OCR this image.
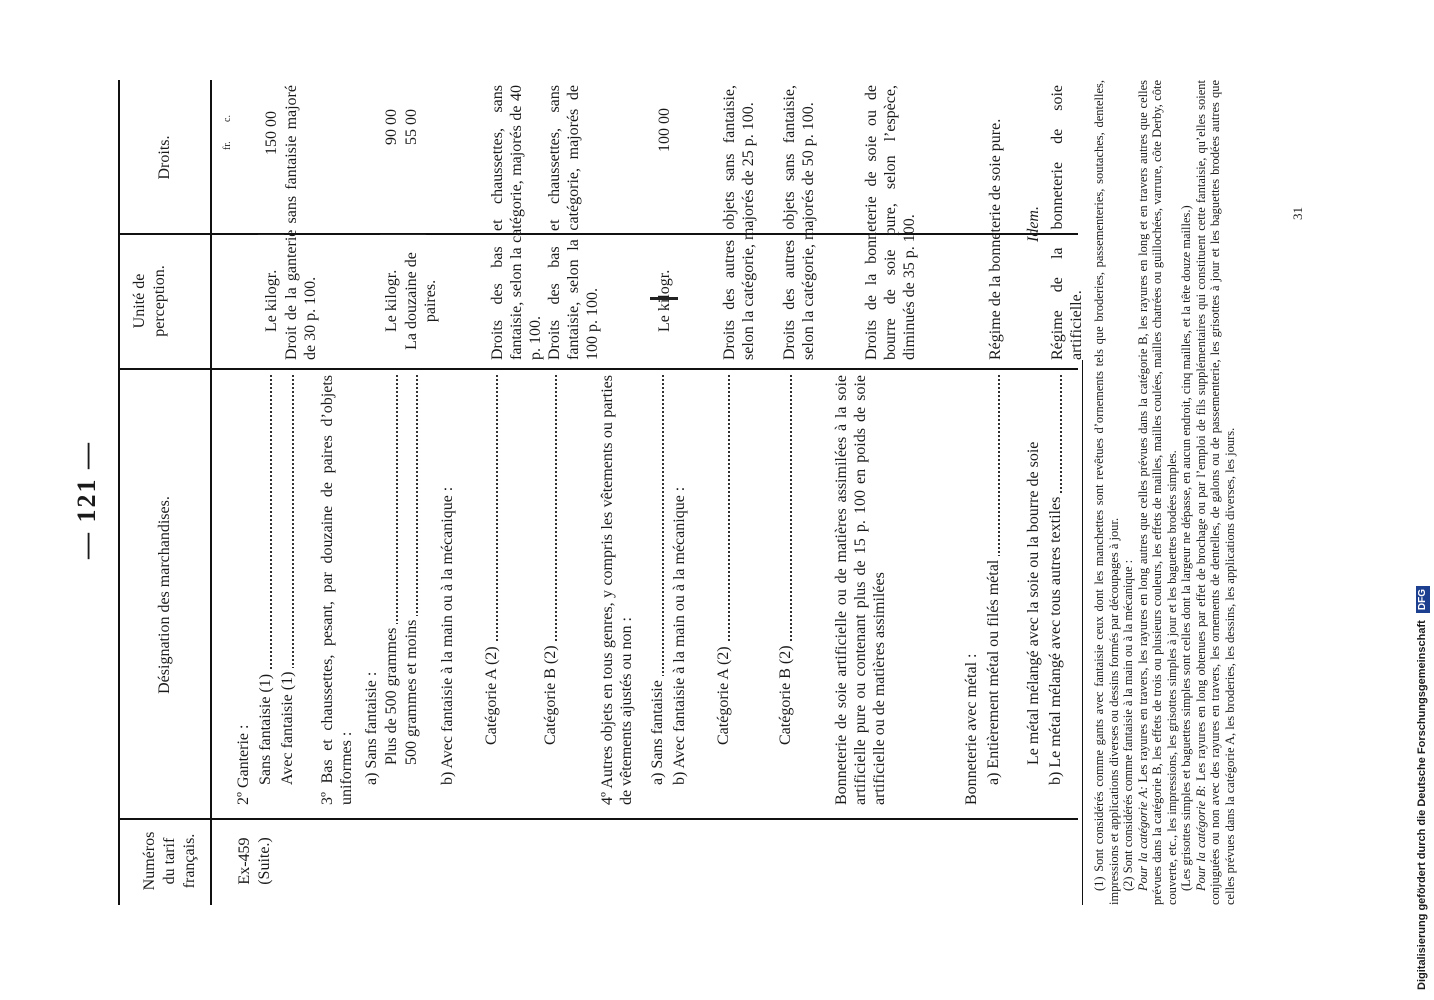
— 121 —
Numéros du tarif français.
Désignation des marchandises.
Unité de perception.
Droits.
Ex-459 (Suite.)
fr.
c.
2º Ganterie : Sans fantaisie (1) Avec fantaisie (1)
Le kilogr.
150 00 Droit de la ganterie sans fantaisie majoré de 30 p. 100.
3º Bas et chaussettes, pesant, par douzaine de paires d’objets uniformes : a) Sans fantaisie : Plus de 500 grammes 500 grammes et moins
Le kilogr. La douzaine de paires.
90 00 55 00
b) Avec fantaisie à la main ou à la mécanique : Catégorie A (2)
Droits des bas et chaussettes, sans fantaisie, selon la catégorie, majorés de 40 p. 100.
Catégorie B (2)
Droits des bas et chaussettes, sans fantaisie, selon la catégorie, majorés de 100 p. 100.
4º Autres objets en tous genres, y compris les vêtements ou parties de vêtements ajustés ou non : a) Sans fantaisie
Le kilogr.
100 00
b) Avec fantaisie à la main ou à la mécanique : Catégorie A (2)
Droits des autres objets sans fantaisie, selon la catégorie, majorés de 25 p. 100.
Catégorie B (2)
Droits des autres objets sans fantaisie, selon la catégorie, majorés de 50 p. 100.
Bonneterie de soie artificielle ou de matières assimilées à la soie artificielle pure ou contenant plus de 15 p. 100 en poids de soie artificielle ou de matières assimilées
Droits de la bonneterie de soie ou de bourre de soie pure, selon l’espèce, diminués de 35 p. 100.
Bonneterie avec métal : a) Entièrement métal ou filés métal
Régime de la bonneterie de soie pure.
Le métal mélangé avec la soie ou la bourre de soie
Idem.
b) Le métal mélangé avec tous autres textiles
Régime de la bonneterie de soie artificielle. (1) Sont considérés comme gants avec fantaisie ceux dont les manchettes sont revêtues d’ornements tels que broderies, passementeries, soutaches, dentelles, impressions et applications diverses ou dessins formés par découpages à jour. (2) Sont considérés comme fantaisie à la main ou à la mécanique : Pour la catégorie A: Les rayures en travers, les rayures en long autres que celles prévues dans la catégorie B, les rayures en long et en travers autres que celles prévues dans la catégorie B, les effets de trois ou plusieurs couleurs, les effets de mailles, mailles coulées, mailles chatrées ou guillochées, varrure, côte Derby, côte couverte, etc., les impressions, les grisottes simples à jour et les baguettes brodées simples. (Les grisottes simples et baguettes simples sont celles dont la largeur ne dépasse, en aucun endroit, cinq mailles, et la tête douze mailles.) Pour la catégorie B: Les rayures en long obtenues par effet de brochage ou par l’emploi de fils supplémentaires qui constituent cette fantaisie, qu’elles soient conjuguées ou non avec des rayures en travers, les ornements de dentelles, de galons ou de passementerie, les grisottes à jour et les baguettes brodées autres que celles prévues dans la catégorie A, les broderies, les dessins, les applications diverses, les jours.

31
Digitalisierung gefördert durch die Deutsche Forschungsgemeinschaft DFG
